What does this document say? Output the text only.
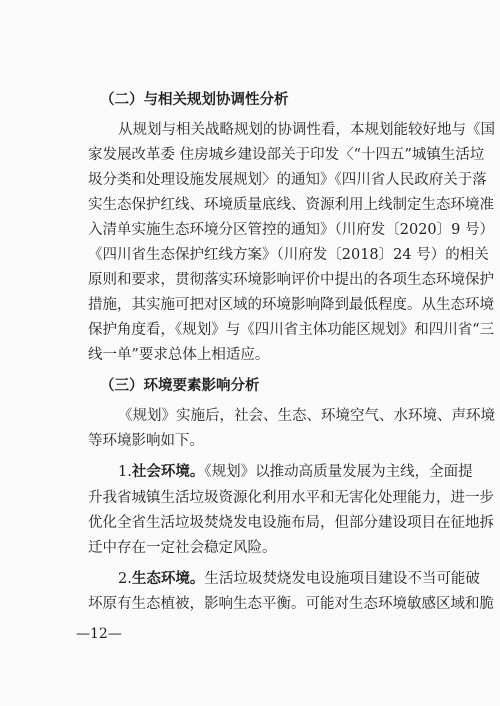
（二）与相关规划协调性分析
从规划与相关战略规划的协调性看，本规划能较好地与《国
家发展改革委 住房城乡建设部关于印发〈“十四五”城镇生活垃
圾分类和处理设施发展规划〉的通知》《四川省人民政府关于落
实生态保护红线、环境质量底线、资源利用上线制定生态环境准
入清单实施生态环境分区管控的通知》（川府发〔2020〕9 号）
《四川省生态保护红线方案》（川府发〔2018〕24 号）的相关
原则和要求，贯彻落实环境影响评价中提出的各项生态环境保护
措施，其实施可把对区域的环境影响降到最低程度。从生态环境
保护角度看，《规划》与《四川省主体功能区规划》和四川省“三
线一单”要求总体上相适应。
（三）环境要素影响分析
《规划》实施后，社会、生态、环境空气、水环境、声环境
等环境影响如下。
1.社会环境。《规划》以推动高质量发展为主线，全面提
升我省城镇生活垃圾资源化利用水平和无害化处理能力，进一步
优化全省生活垃圾焚烧发电设施布局，但部分建设项目在征地拆
迁中存在一定社会稳定风险。
2.生态环境。生活垃圾焚烧发电设施项目建设不当可能破
坏原有生态植被，影响生态平衡。可能对生态环境敏感区域和脆
—12—
